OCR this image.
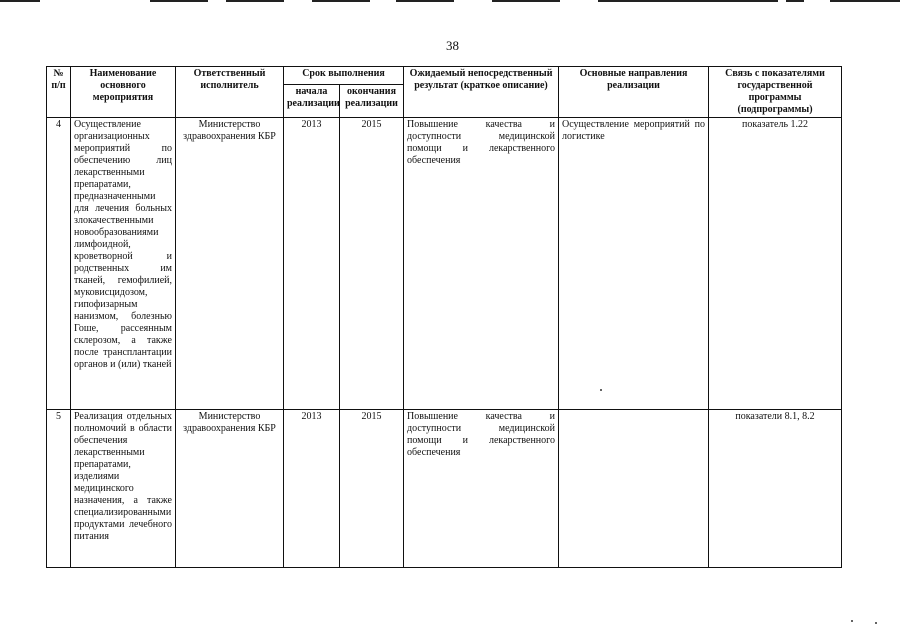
38
№ п/п	Наименование основного мероприятия	Ответственный исполнитель	Срок выполнения		Ожидаемый непосредственный результат (краткое описание)	Основные направления реализации	Связь с показателями государственной программы (подпрограммы)
			начала реализации	окончания реализации			
4	Осуществление организационных мероприятий по обеспечению лиц лекарственными препаратами, предназначенными для лечения больных злокачественными новообразованиями лимфоидной, кроветворной и родственных им тканей, гемофилией, муковисцидозом, гипофизарным нанизмом, болезнью Гоше, рассеянным склерозом, а также после трансплантации органов и (или) тканей	Министерство здравоохранения КБР	2013	2015	Повышение качества и доступности медицинской помощи и лекарственного обеспечения	Осуществление мероприятий по логистике	показатель 1.22
5	Реализация отдельных полномочий в области обеспечения лекарственными препаратами, изделиями медицинского назначения, а также специализированными продуктами лечебного питания	Министерство здравоохранения КБР	2013	2015	Повышение качества и доступности медицинской помощи и лекарственного обеспечения		показатели 8.1, 8.2
